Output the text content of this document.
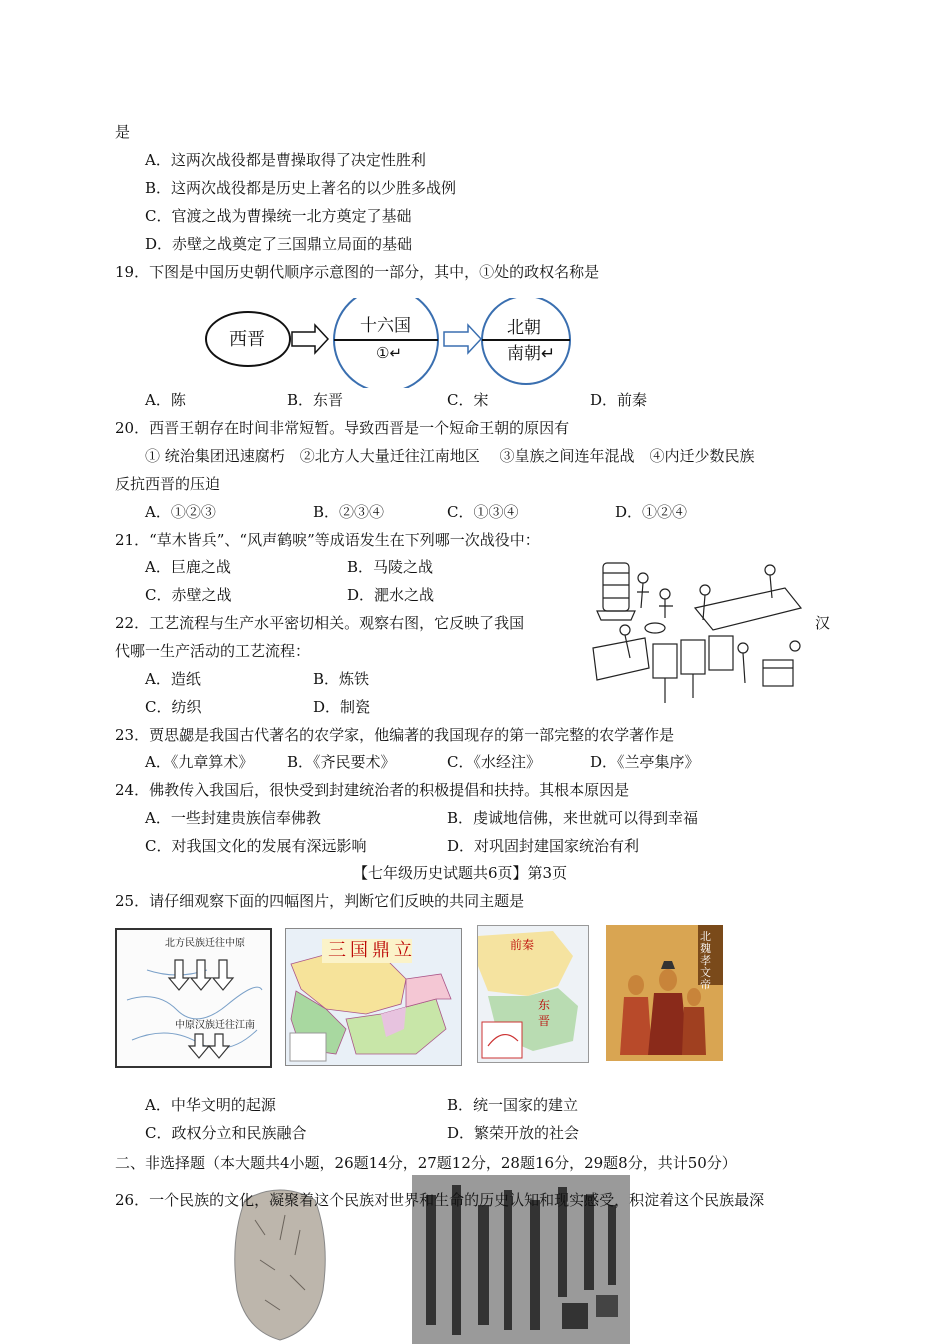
是
A．这两次战役都是曹操取得了决定性胜利
B．这两次战役都是历史上著名的以少胜多战例
C．官渡之战为曹操统一北方奠定了基础
D．赤壁之战奠定了三国鼎立局面的基础
19．下图是中国历史朝代顺序示意图的一部分，其中，①处的政权名称是
西晋
十六国
①↵
北朝
南朝↵
A．陈	B．东晋	C．宋	D．前秦
20．西晋王朝存在时间非常短暂。导致西晋是一个短命王朝的原因有
① 统治集团迅速腐朽　②北方人大量迁往江南地区　 ③皇族之间连年混战　④内迁少数民族
反抗西晋的压迫
A．①②③	B．②③④	C．①③④	D．①②④
21．“草木皆兵”、“风声鹤唳”等成语发生在下列哪一次战役中：
A．巨鹿之战	B．马陵之战
C．赤壁之战	D．淝水之战
22．工艺流程与生产水平密切相关。观察右图，它反映了我国	汉
代哪一生产活动的工艺流程：
A．造纸	B．炼铁
C．纺织	D．制瓷
23．贾思勰是我国古代著名的农学家，他编著的我国现存的第一部完整的农学著作是
A．《九章算术》 B．《齐民要术》	C．《水经注》	D．《兰亭集序》
24．佛教传入我国后，很快受到封建统治者的积极提倡和扶持。其根本原因是
A．一些封建贵族信奉佛教	B．虔诚地信佛，来世就可以得到幸福
C．对我国文化的发展有深远影响	D．对巩固封建国家统治有利
【七年级历史试题共6页】第3页
25．请仔细观察下面的四幅图片，判断它们反映的共同主题是
北方民族迁往中原
中原汉族迁往江南
三国鼎立	前 秦
东
晋
北魏孝文帝
A．中华文明的起源	B．统一国家的建立
C．政权分立和民族融合	D．繁荣开放的社会
二、非选择题（本大题共4小题，26题14分，27题12分，28题16分，29题8分，共计50分）
26．一个民族的文化，凝聚着这个民族对世界和生命的历史认知和现实感受，积淀着这个民族最深
